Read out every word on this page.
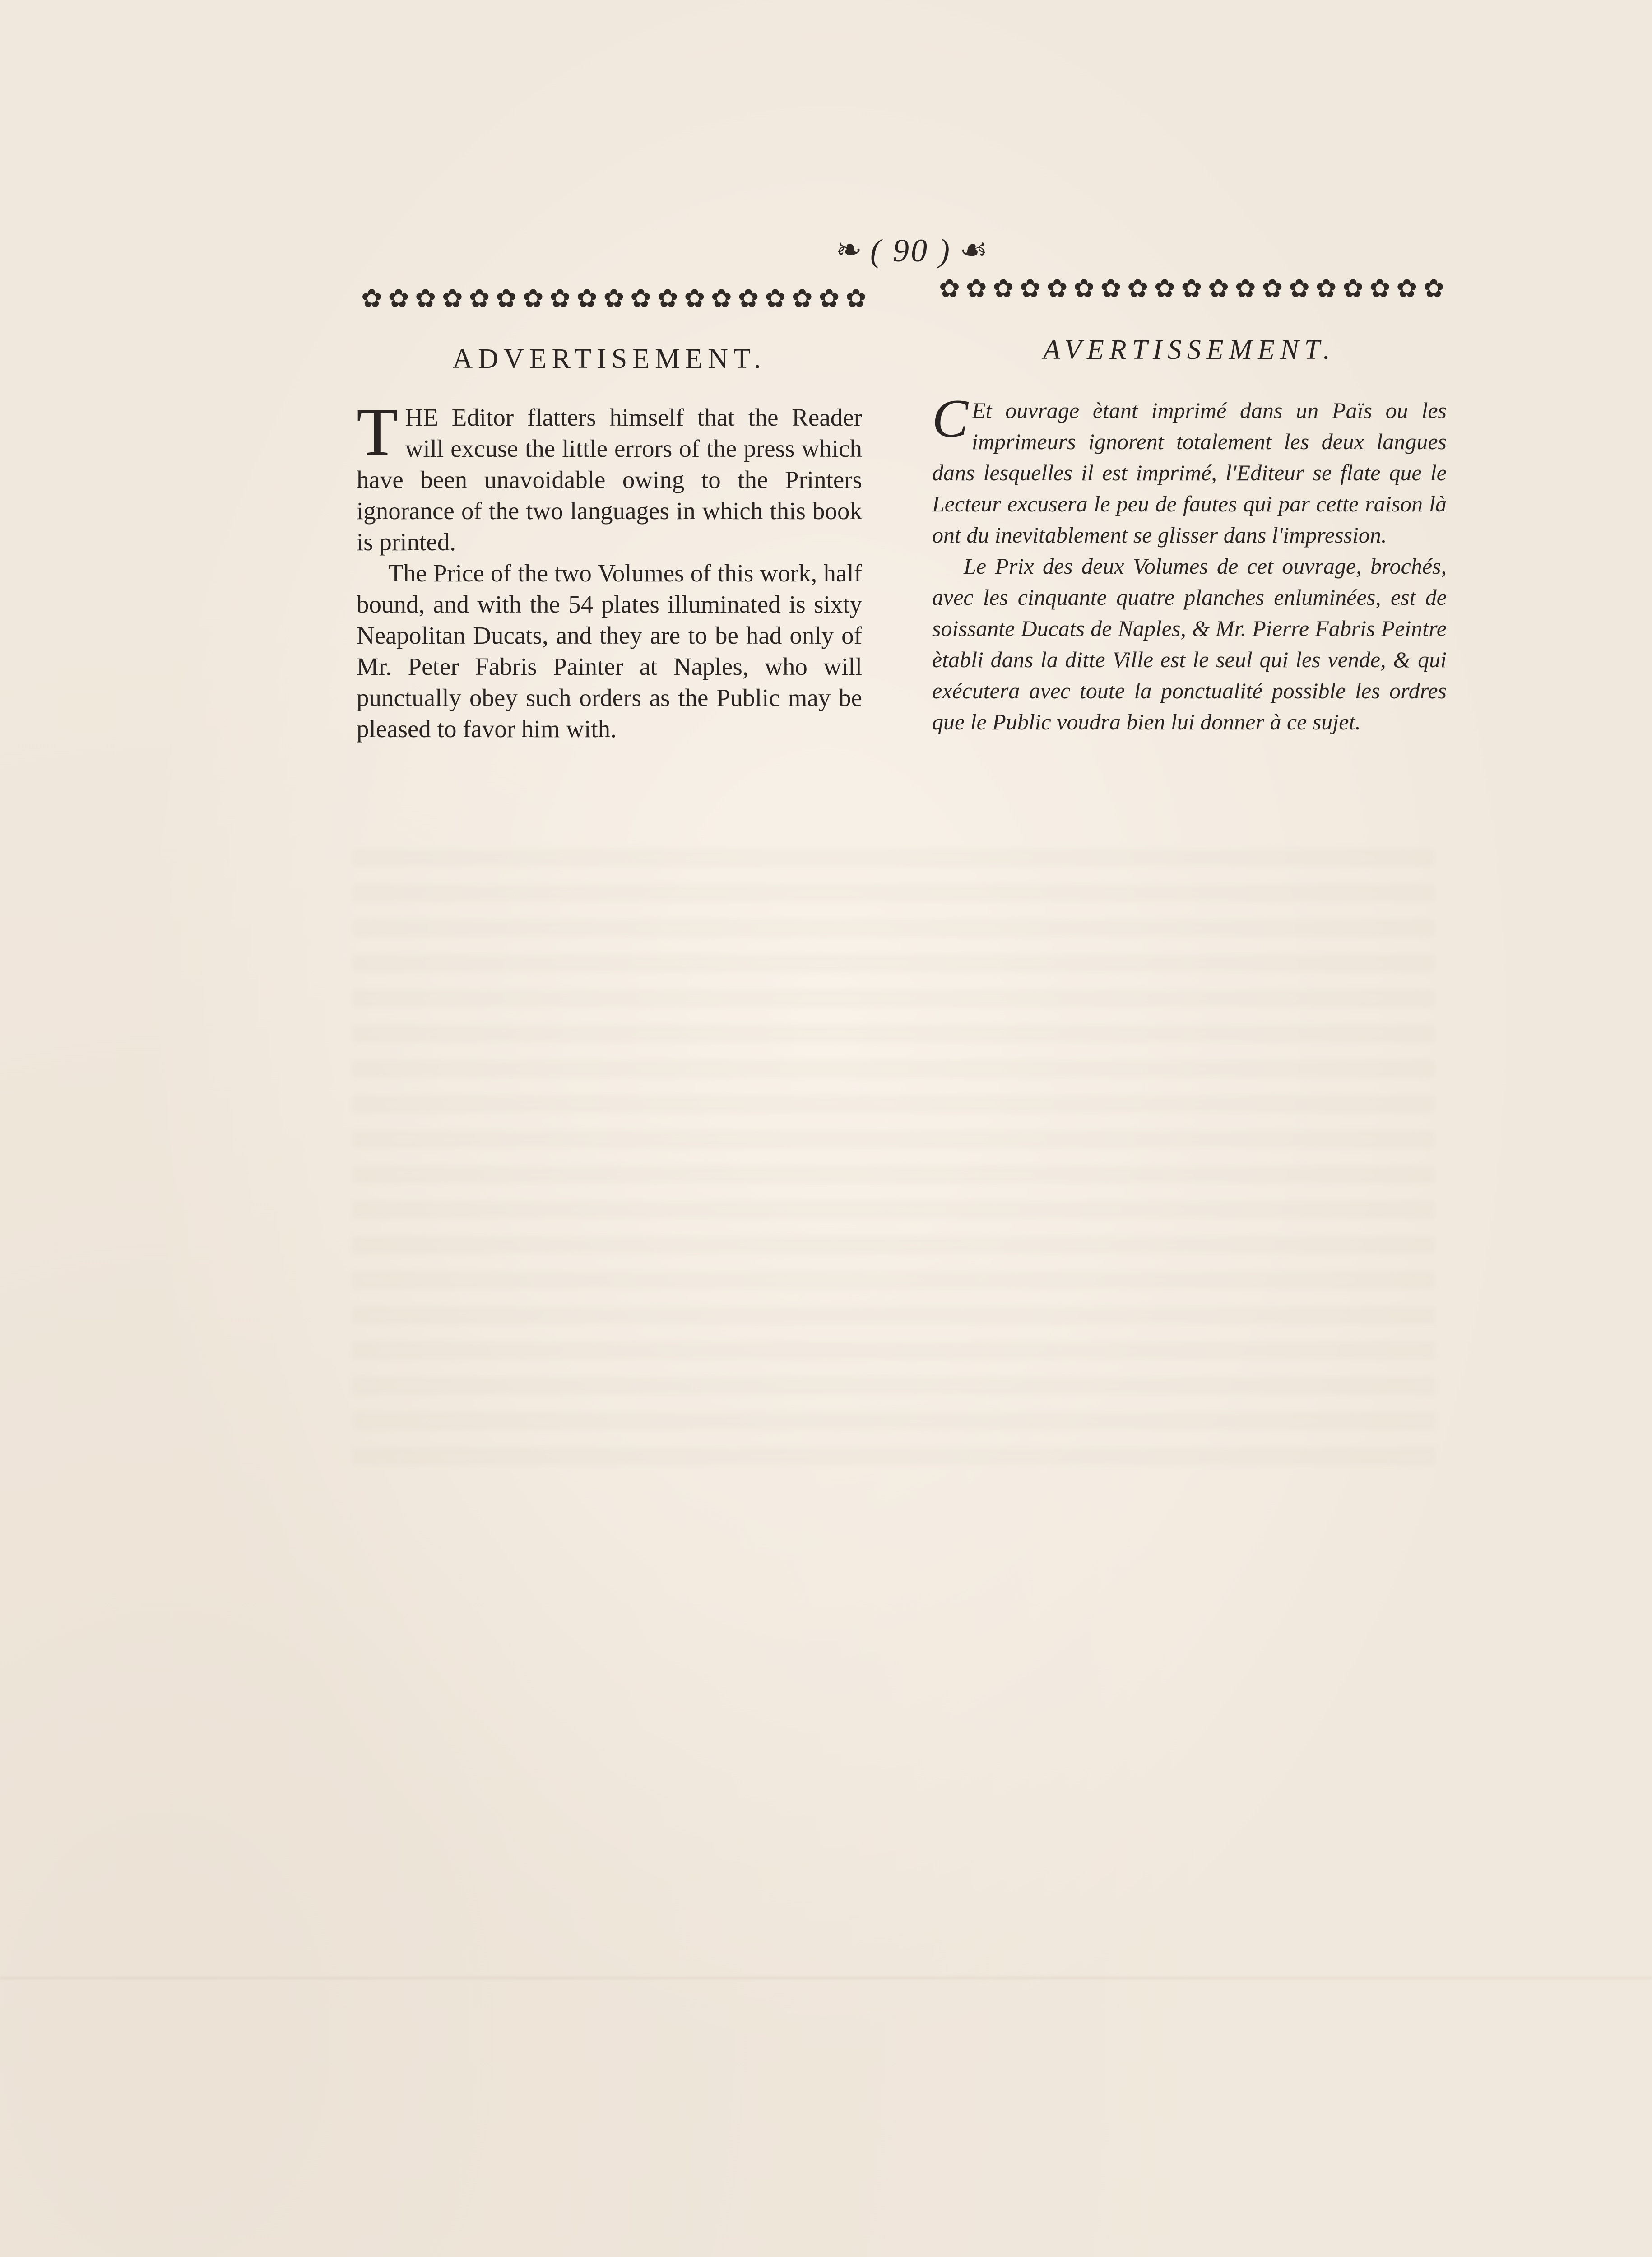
❧ ( 90 ) ☙
✿ ✿ ✿ ✿ ✿ ✿ ✿ ✿ ✿ ✿ ✿ ✿ ✿ ✿ ✿ ✿ ✿ ✿ ✿	✿ ✿ ✿ ✿ ✿ ✿ ✿ ✿ ✿ ✿ ✿ ✿ ✿ ✿ ✿ ✿ ✿ ✿ ✿
ADVERTISEMENT.

THE Editor flatters himself that the Reader will excuse the little errors of the press which have been unavoidable owing to the Printers ignorance of the two languages in which this book is printed.

The Price of the two Volumes of this work, half bound, and with the 54 plates illuminated is sixty Neapolitan Ducats, and they are to be had only of Mr. Peter Fabris Painter at Naples, who will punctually obey such orders as the Public may be pleased to favor him with.

AVERTISSEMENT.

C Et ouvrage ètant imprimé dans un Païs ou les imprimeurs ignorent totalement les deux langues dans lesquelles il est imprimé, l'Editeur se flate que le Lecteur excusera le peu de fautes qui par cette raison là ont du inevitablement se glisser dans l'impression.

Le Prix des deux Volumes de cet ouvrage, brochés, avec les cinquante quatre planches enluminées, est de soissante Ducats de Naples, & Mr. Pierre Fabris Peintre ètabli dans la ditte Ville est le seul qui les vende, & qui exécutera avec toute la ponctualité possible les ordres que le Public voudra bien lui donner à ce sujet.
